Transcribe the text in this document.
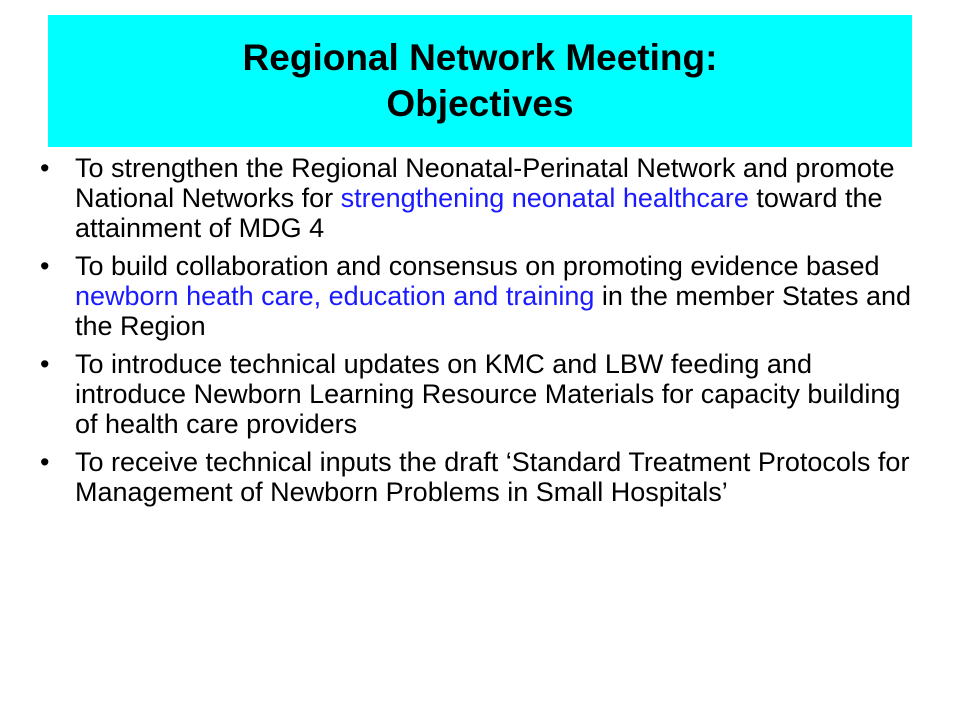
Regional Network Meeting:
Objectives
• To strengthen the Regional Neonatal-Perinatal Network and promote National Networks for strengthening neonatal healthcare toward the attainment of MDG 4
• To build collaboration and consensus on promoting evidence based newborn heath care, education and training in the member States and the Region
• To introduce technical updates on KMC and LBW feeding and introduce Newborn Learning Resource Materials for capacity building of health care providers
• To receive technical inputs the draft ‘Standard Treatment Protocols for Management of Newborn Problems in Small Hospitals’
